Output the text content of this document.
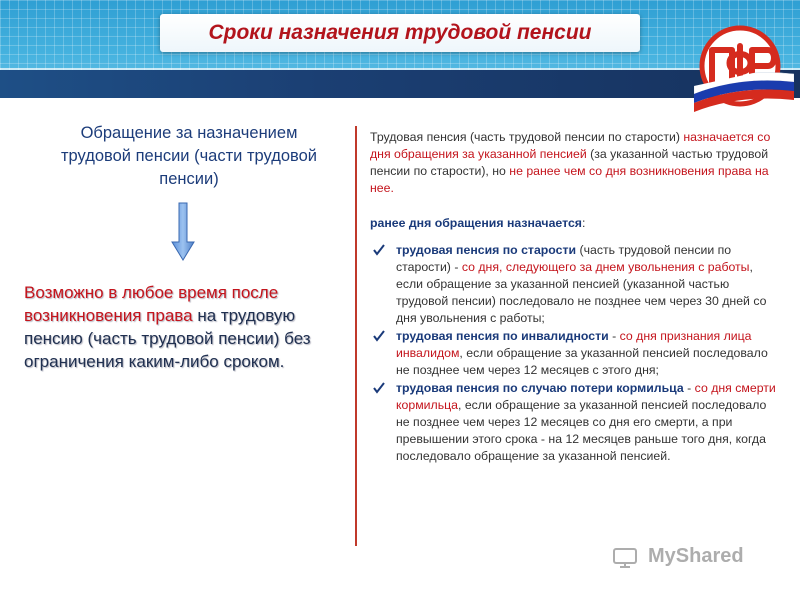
Сроки назначения трудовой пенсии
Обращение за назначением
трудовой пенсии (части трудовой
пенсии)
Возможно в любое время после возникновения права на трудовую пенсию (часть трудовой пенсии) без ограничения каким-либо сроком.

Трудовая пенсия (часть трудовой пенсии по старости) назначается со дня обращения за указанной пенсией (за указанной частью трудовой пенсии по старости), но не ранее чем со дня возникновения права на нее.

ранее дня обращения назначается:

трудовая пенсия по старости (часть трудовой пенсии по старости) - со дня, следующего за днем увольнения с работы, если обращение за указанной пенсией (указанной частью трудовой пенсии) последовало не позднее чем через 30 дней со дня увольнения с работы;
трудовая пенсия по инвалидности - со дня признания лица инвалидом, если обращение за указанной пенсией последовало не позднее чем через 12 месяцев с этого дня;
трудовая пенсия по случаю потери кормильца - со дня смерти кормильца, если обращение за указанной пенсией последовало не позднее чем через 12 месяцев со дня его смерти, а при превышении этого срока - на 12 месяцев раньше того дня, когда последовало обращение за указанной пенсией.
MyShared
